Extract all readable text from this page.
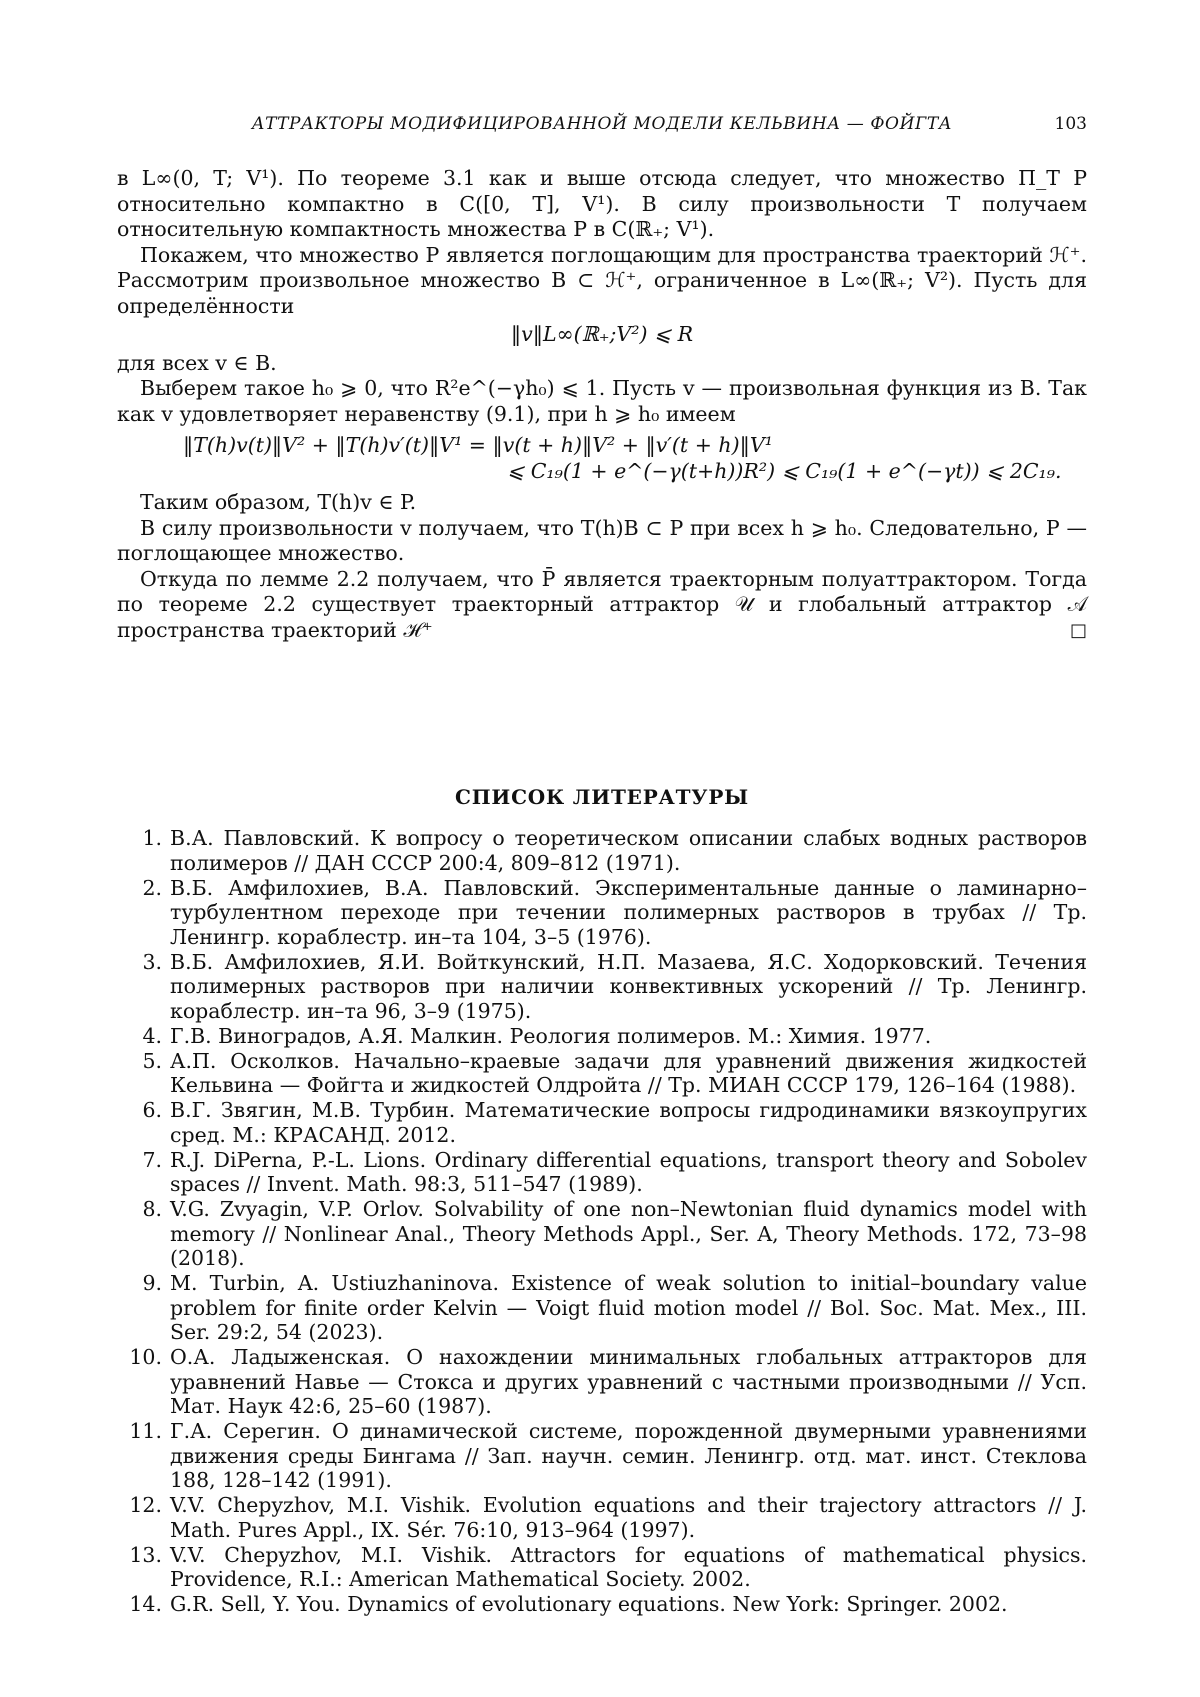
АТТРАКТОРЫ МОДИФИЦИРОВАННОЙ МОДЕЛИ КЕЛЬВИНА — ФОЙГТА	103

в L∞(0, T; V¹). По теореме 3.1 как и выше отсюда следует, что множество Π_T P относительно компактно в C([0, T], V¹). В силу произвольности T получаем относительную компактность множества P в C(ℝ₊; V¹).

Покажем, что множество P является поглощающим для пространства траекторий ℋ⁺. Рассмотрим произвольное множество B ⊂ ℋ⁺, ограниченное в L∞(ℝ₊; V²). Пусть для определённости

‖v‖L∞(ℝ₊;V²) ⩽ R

для всех v ∈ B.

Выберем такое h₀ ⩾ 0, что R²e^(−γh₀) ⩽ 1. Пусть v — произвольная функция из B. Так как v удовлетворяет неравенству (9.1), при h ⩾ h₀ имеем

‖T(h)v(t)‖V² + ‖T(h)v′(t)‖V¹ = ‖v(t + h)‖V² + ‖v′(t + h)‖V¹
⩽ C₁₉(1 + e^(−γ(t+h))R²) ⩽ C₁₉(1 + e^(−γt)) ⩽ 2C₁₉.

Таким образом, T(h)v ∈ P.

В силу произвольности v получаем, что T(h)B ⊂ P при всех h ⩾ h₀. Следовательно, P — поглощающее множество.

Откуда по лемме 2.2 получаем, что P̄ является траекторным полуаттрактором. Тогда по теореме 2.2 существует траекторный аттрактор 𝒰 и глобальный аттрактор 𝒜 пространства траекторий ℋ⁺	□

СПИСОК ЛИТЕРАТУРЫ
1. В.А. Павловский. К вопросу о теоретическом описании слабых водных растворов полимеров // ДАН СССР 200:4, 809–812 (1971).
2. В.Б. Амфилохиев, В.А. Павловский. Экспериментальные данные о ламинарно–турбулентном переходе при течении полимерных растворов в трубах // Тр. Ленингр. кораблестр. ин–та 104, 3–5 (1976).
3. В.Б. Амфилохиев, Я.И. Войткунский, Н.П. Мазаева, Я.С. Ходорковский. Течения полимерных растворов при наличии конвективных ускорений // Тр. Ленингр. кораблестр. ин–та 96, 3–9 (1975).
4. Г.В. Виноградов, А.Я. Малкин. Реология полимеров. М.: Химия. 1977.
5. А.П. Осколков. Начально–краевые задачи для уравнений движения жидкостей Кельвина — Фойгта и жидкостей Олдройта // Тр. МИАН СССР 179, 126–164 (1988).
6. В.Г. Звягин, М.В. Турбин. Математические вопросы гидродинамики вязкоупругих сред. М.: КРАСАНД. 2012.
7. R.J. DiPerna, P.-L. Lions. Ordinary differential equations, transport theory and Sobolev spaces // Invent. Math. 98:3, 511–547 (1989).
8. V.G. Zvyagin, V.P. Orlov. Solvability of one non–Newtonian fluid dynamics model with memory // Nonlinear Anal., Theory Methods Appl., Ser. A, Theory Methods. 172, 73–98 (2018).
9. M. Turbin, A. Ustiuzhaninova. Existence of weak solution to initial–boundary value problem for finite order Kelvin — Voigt fluid motion model // Bol. Soc. Mat. Mex., III. Ser. 29:2, 54 (2023).
10. О.А. Ладыженская. О нахождении минимальных глобальных аттракторов для уравнений Навье — Стокса и других уравнений с частными производными // Усп. Мат. Наук 42:6, 25–60 (1987).
11. Г.А. Серегин. О динамической системе, порожденной двумерными уравнениями движения среды Бингама // Зап. научн. семин. Ленингр. отд. мат. инст. Стеклова 188, 128–142 (1991).
12. V.V. Chepyzhov, M.I. Vishik. Evolution equations and their trajectory attractors // J. Math. Pures Appl., IX. Sér. 76:10, 913–964 (1997).
13. V.V. Chepyzhov, M.I. Vishik. Attractors for equations of mathematical physics. Providence, R.I.: American Mathematical Society. 2002.
14. G.R. Sell, Y. You. Dynamics of evolutionary equations. New York: Springer. 2002.
